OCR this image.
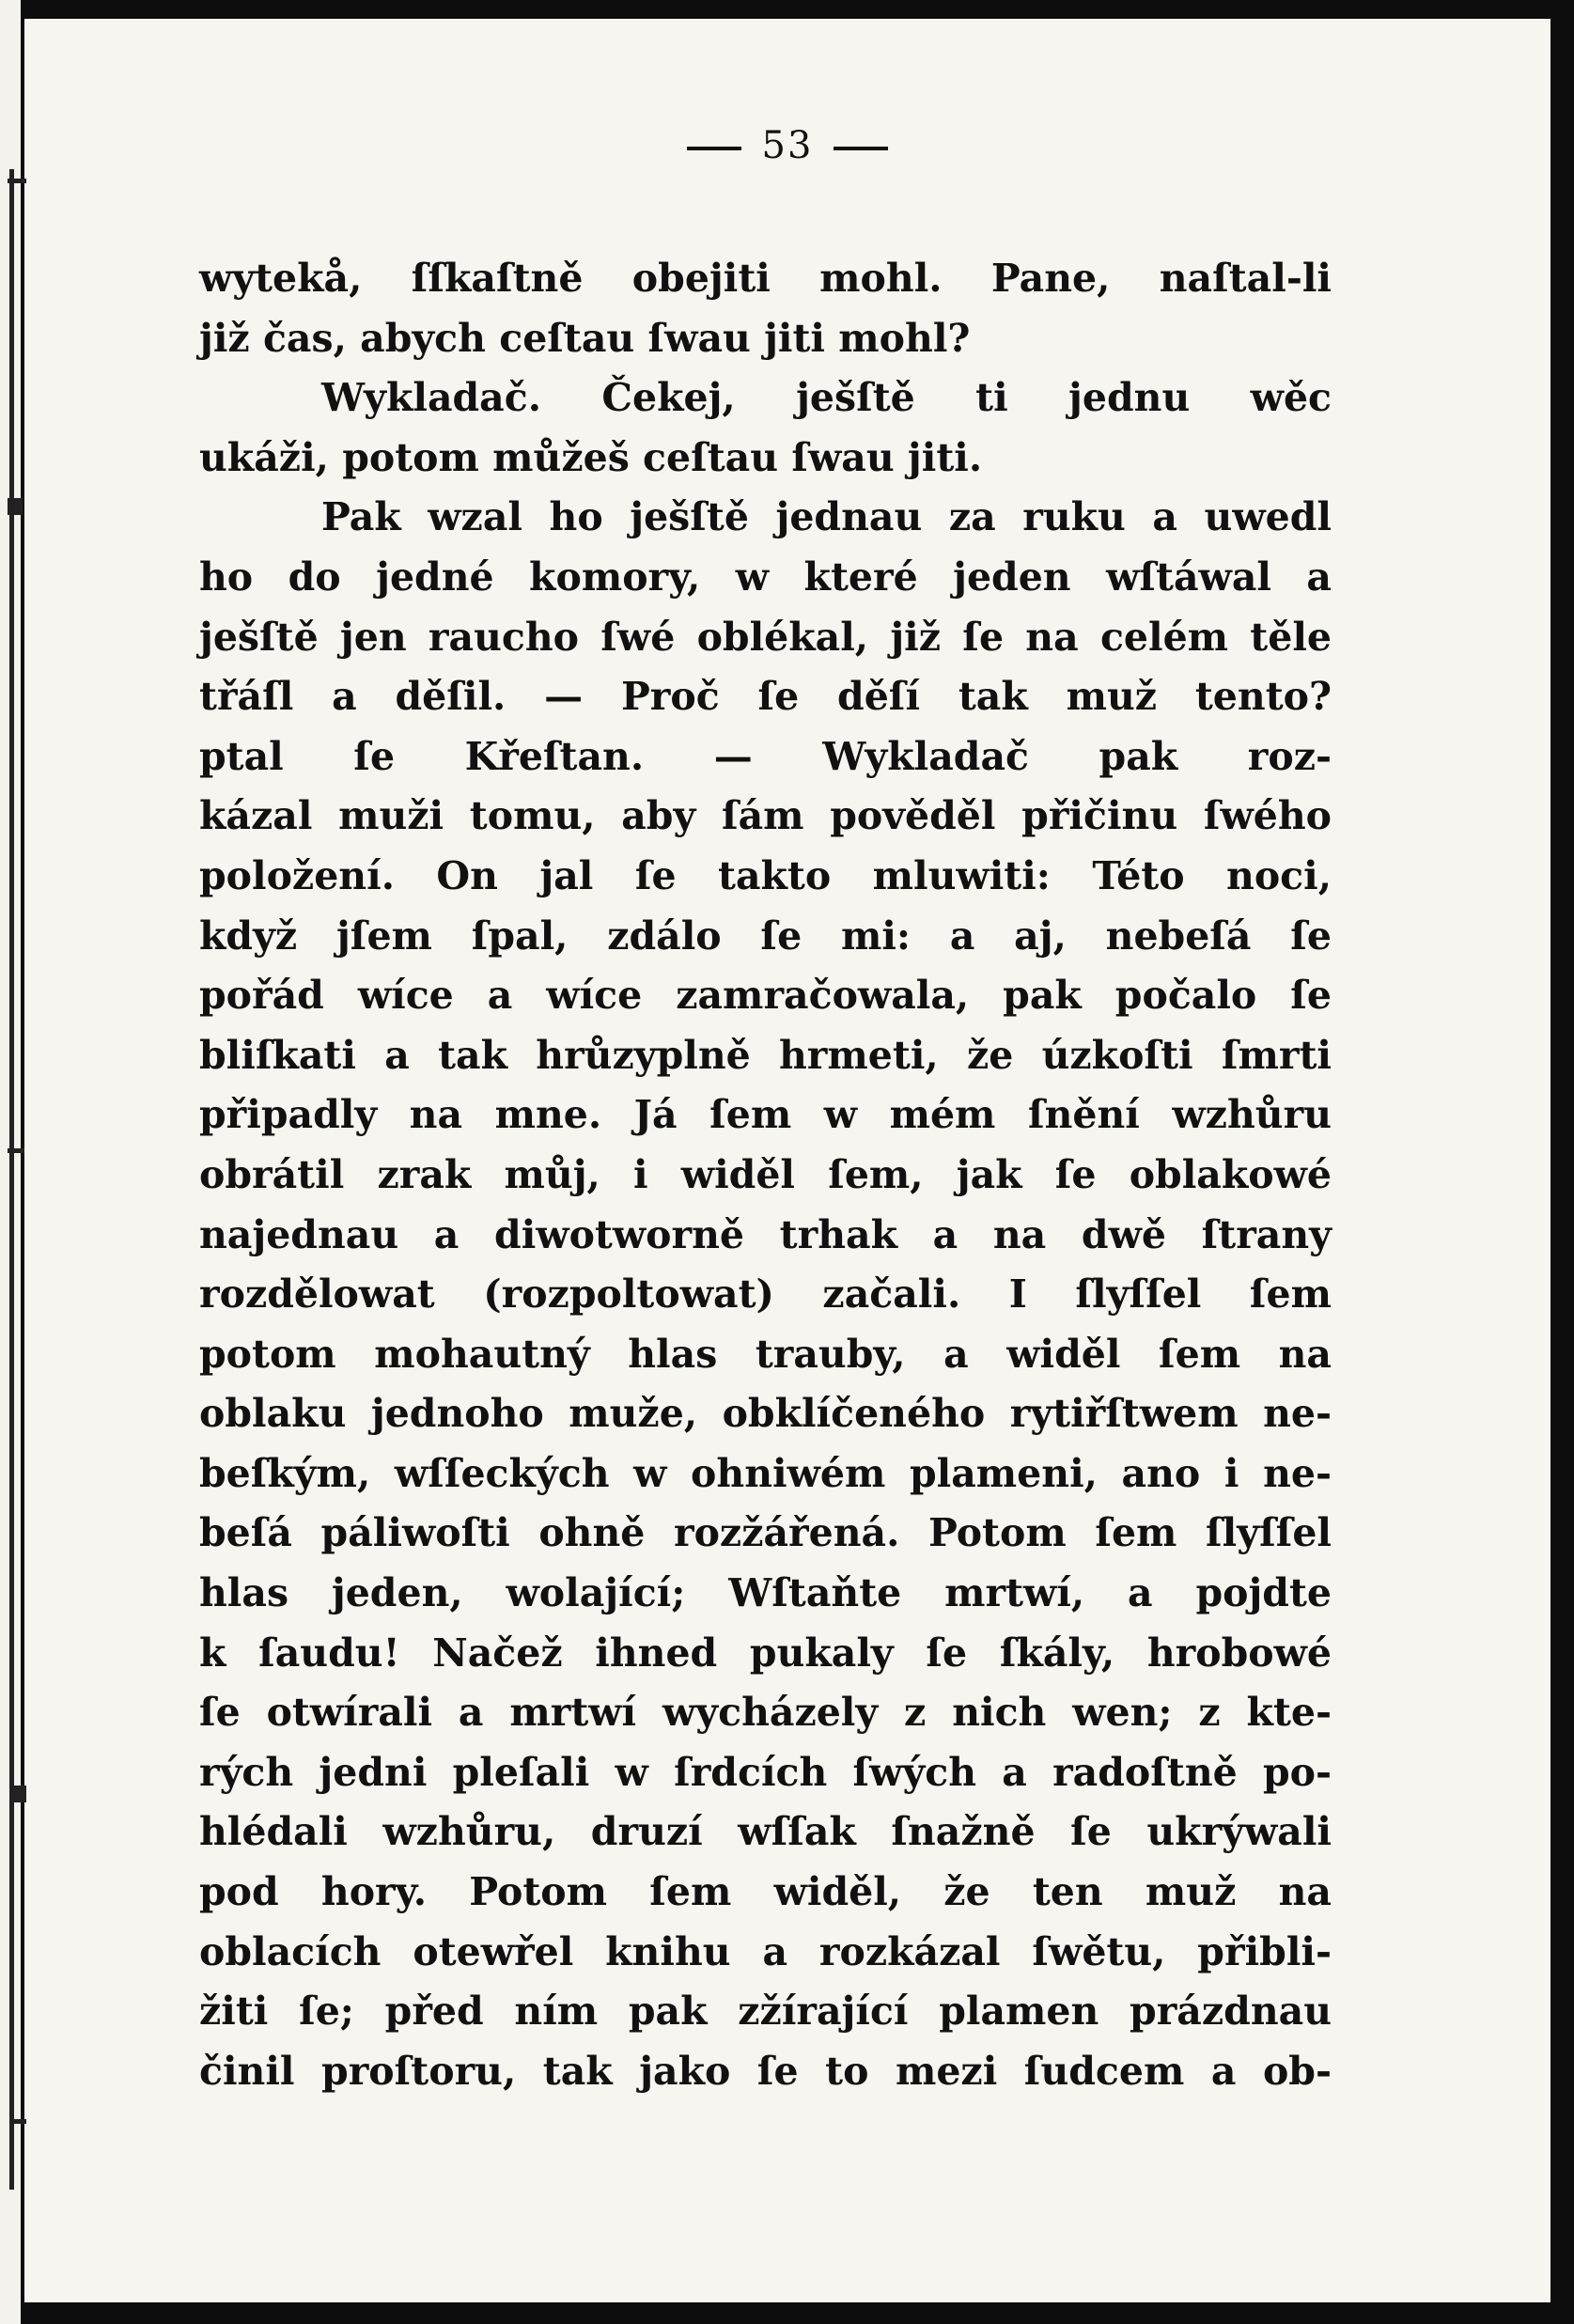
53
wytekå, ſſkaſtně obejiti mohl. Pane, naſtal-li
již čas, abych ceſtau ſwau jiti mohl?
Wykladač. Čekej, ješſtě ti jednu wěc
ukáži, potom můžeš ceſtau ſwau jiti.
Pak wzal ho ješſtě jednau za ruku a uwedl
ho do jedné komory, w které jeden wſtáwal a
ješſtě jen raucho ſwé oblékal, již ſe na celém těle
třáſl a děſil. — Proč ſe děſí tak muž tento?
ptal ſe Křeſtan. — Wykladač pak roz-
kázal muži tomu, aby ſám pověděl přičinu ſwého
položení. On jal ſe takto mluwiti: Této noci,
když jſem ſpal, zdálo ſe mi: a aj, nebeſá ſe
pořád wíce a wíce zamračowala, pak počalo ſe
bliſkati a tak hrůzyplně hrmeti, že úzkoſti ſmrti
připadly na mne. Já ſem w mém ſnění wzhůru
obrátil zrak můj, i widěl ſem, jak ſe oblakowé
najednau a diwotworně trhak a na dwě ſtrany
rozdělowat (rozpoltowat) začali. I ſlyſſel ſem
potom mohautný hlas trauby, a widěl ſem na
oblaku jednoho muže, obklíčeného rytiřſtwem ne-
beſkým, wſſeckých w ohniwém plameni, ano i ne-
beſá páliwoſti ohně rozžářená. Potom ſem ſlyſſel
hlas jeden, wolající; Wſtaňte mrtwí, a pojdte
k ſaudu! Načež ihned pukaly ſe ſkály, hrobowé
ſe otwírali a mrtwí wycházely z nich wen; z kte-
rých jedni pleſali w ſrdcích ſwých a radoſtně po-
hlédali wzhůru, druzí wſſak ſnažně ſe ukrýwali
pod hory. Potom ſem widěl, že ten muž na
oblacích otewřel knihu a rozkázal ſwětu, přibli-
žiti ſe; před ním pak zžírající plamen prázdnau
činil proſtoru, tak jako ſe to mezi ſudcem a ob-
